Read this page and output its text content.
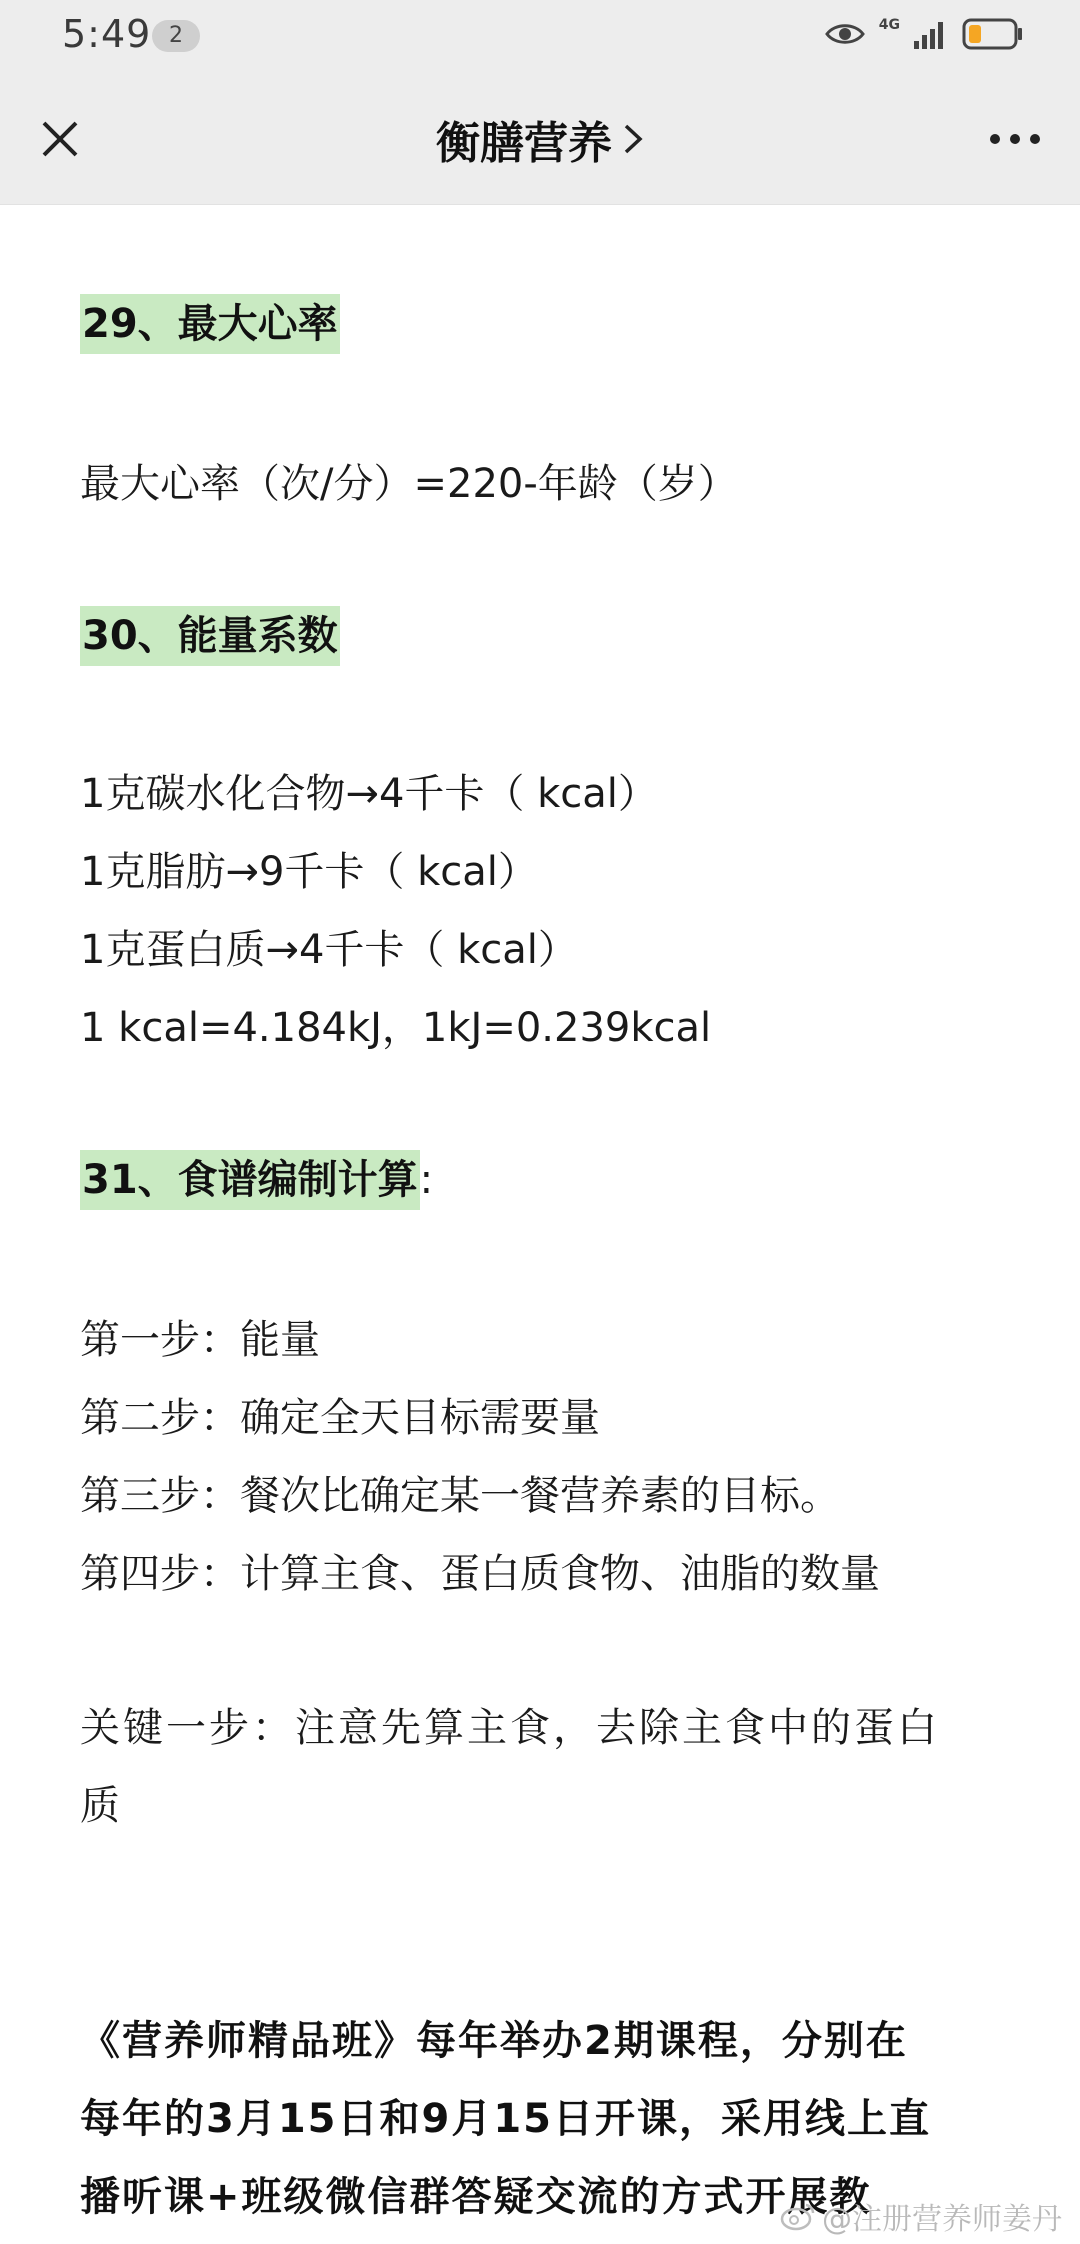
5:49 2	4G
衡膳营养
29、最大心率
最大心率（次/分）=220-年龄（岁）
30、能量系数
1克碳水化合物→4千卡（ kcal）
1克脂肪→9千卡（ kcal）
1克蛋白质→4千卡（ kcal）
1 kcal=4.184kJ，1kJ=0.239kcal
31、食谱编制计算:
第一步：能量
第二步：确定全天目标需要量
第三步：餐次比确定某一餐营养素的目标。
第四步：计算主食、蛋白质食物、油脂的数量
关键一步：注意先算主食，去除主食中的蛋白
质
《营养师精品班》每年举办2期课程，分别在
每年的3月15日和9月15日开课，采用线上直
播听课+班级微信群答疑交流的方式开展教
@注册营养师姜丹
